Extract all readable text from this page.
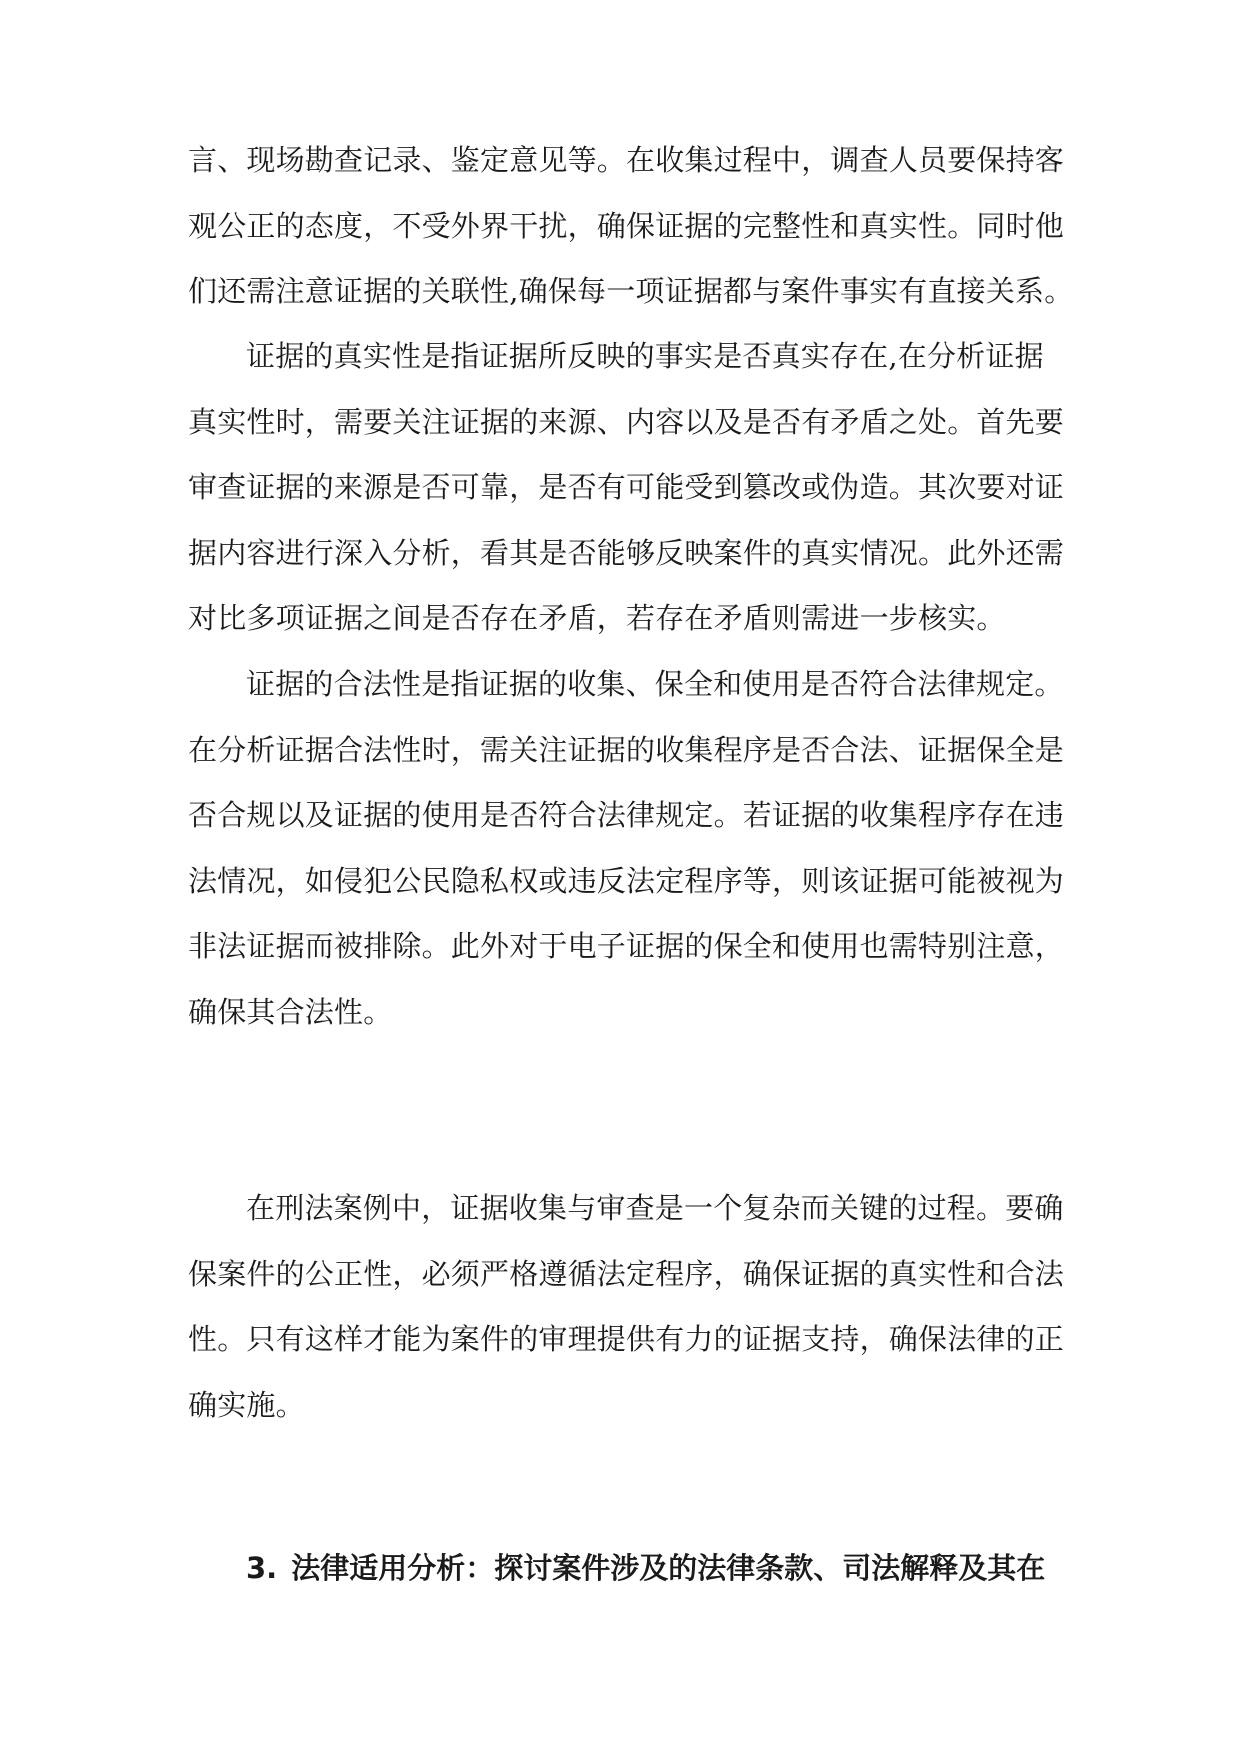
言、现场勘查记录、鉴定意见等。在收集过程中，调查人员要保持客
观公正的态度，不受外界干扰，确保证据的完整性和真实性。同时他
们还需注意证据的关联性,确保每一项证据都与案件事实有直接关系。
证据的真实性是指证据所反映的事实是否真实存在,在分析证据
真实性时，需要关注证据的来源、内容以及是否有矛盾之处。首先要
审查证据的来源是否可靠，是否有可能受到篡改或伪造。其次要对证
据内容进行深入分析，看其是否能够反映案件的真实情况。此外还需
对比多项证据之间是否存在矛盾，若存在矛盾则需进一步核实。
证据的合法性是指证据的收集、保全和使用是否符合法律规定。
在分析证据合法性时，需关注证据的收集程序是否合法、证据保全是
否合规以及证据的使用是否符合法律规定。若证据的收集程序存在违
法情况，如侵犯公民隐私权或违反法定程序等，则该证据可能被视为
非法证据而被排除。此外对于电子证据的保全和使用也需特别注意，
确保其合法性。
在刑法案例中，证据收集与审查是一个复杂而关键的过程。要确
保案件的公正性，必须严格遵循法定程序，确保证据的真实性和合法
性。只有这样才能为案件的审理提供有力的证据支持，确保法律的正
确实施。
3. 法律适用分析：探讨案件涉及的法律条款、司法解释及其在
